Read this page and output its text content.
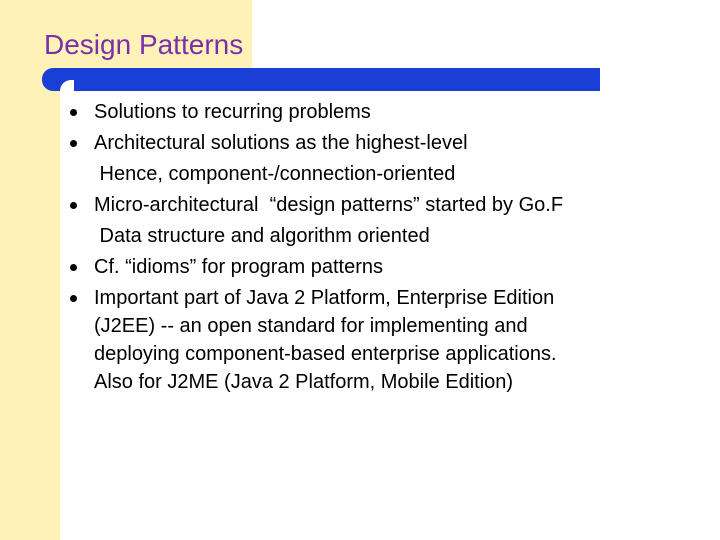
Design Patterns
Solutions to recurring problems
Architectural solutions as the highest-level
Hence, component-/connection-oriented
Micro-architectural  “design patterns” started by Go.F
Data structure and algorithm oriented
Cf. “idioms” for program patterns
Important part of Java 2 Platform, Enterprise Edition
(J2EE) -- an open standard for implementing and
deploying component-based enterprise applications.
Also for J2ME (Java 2 Platform, Mobile Edition)
